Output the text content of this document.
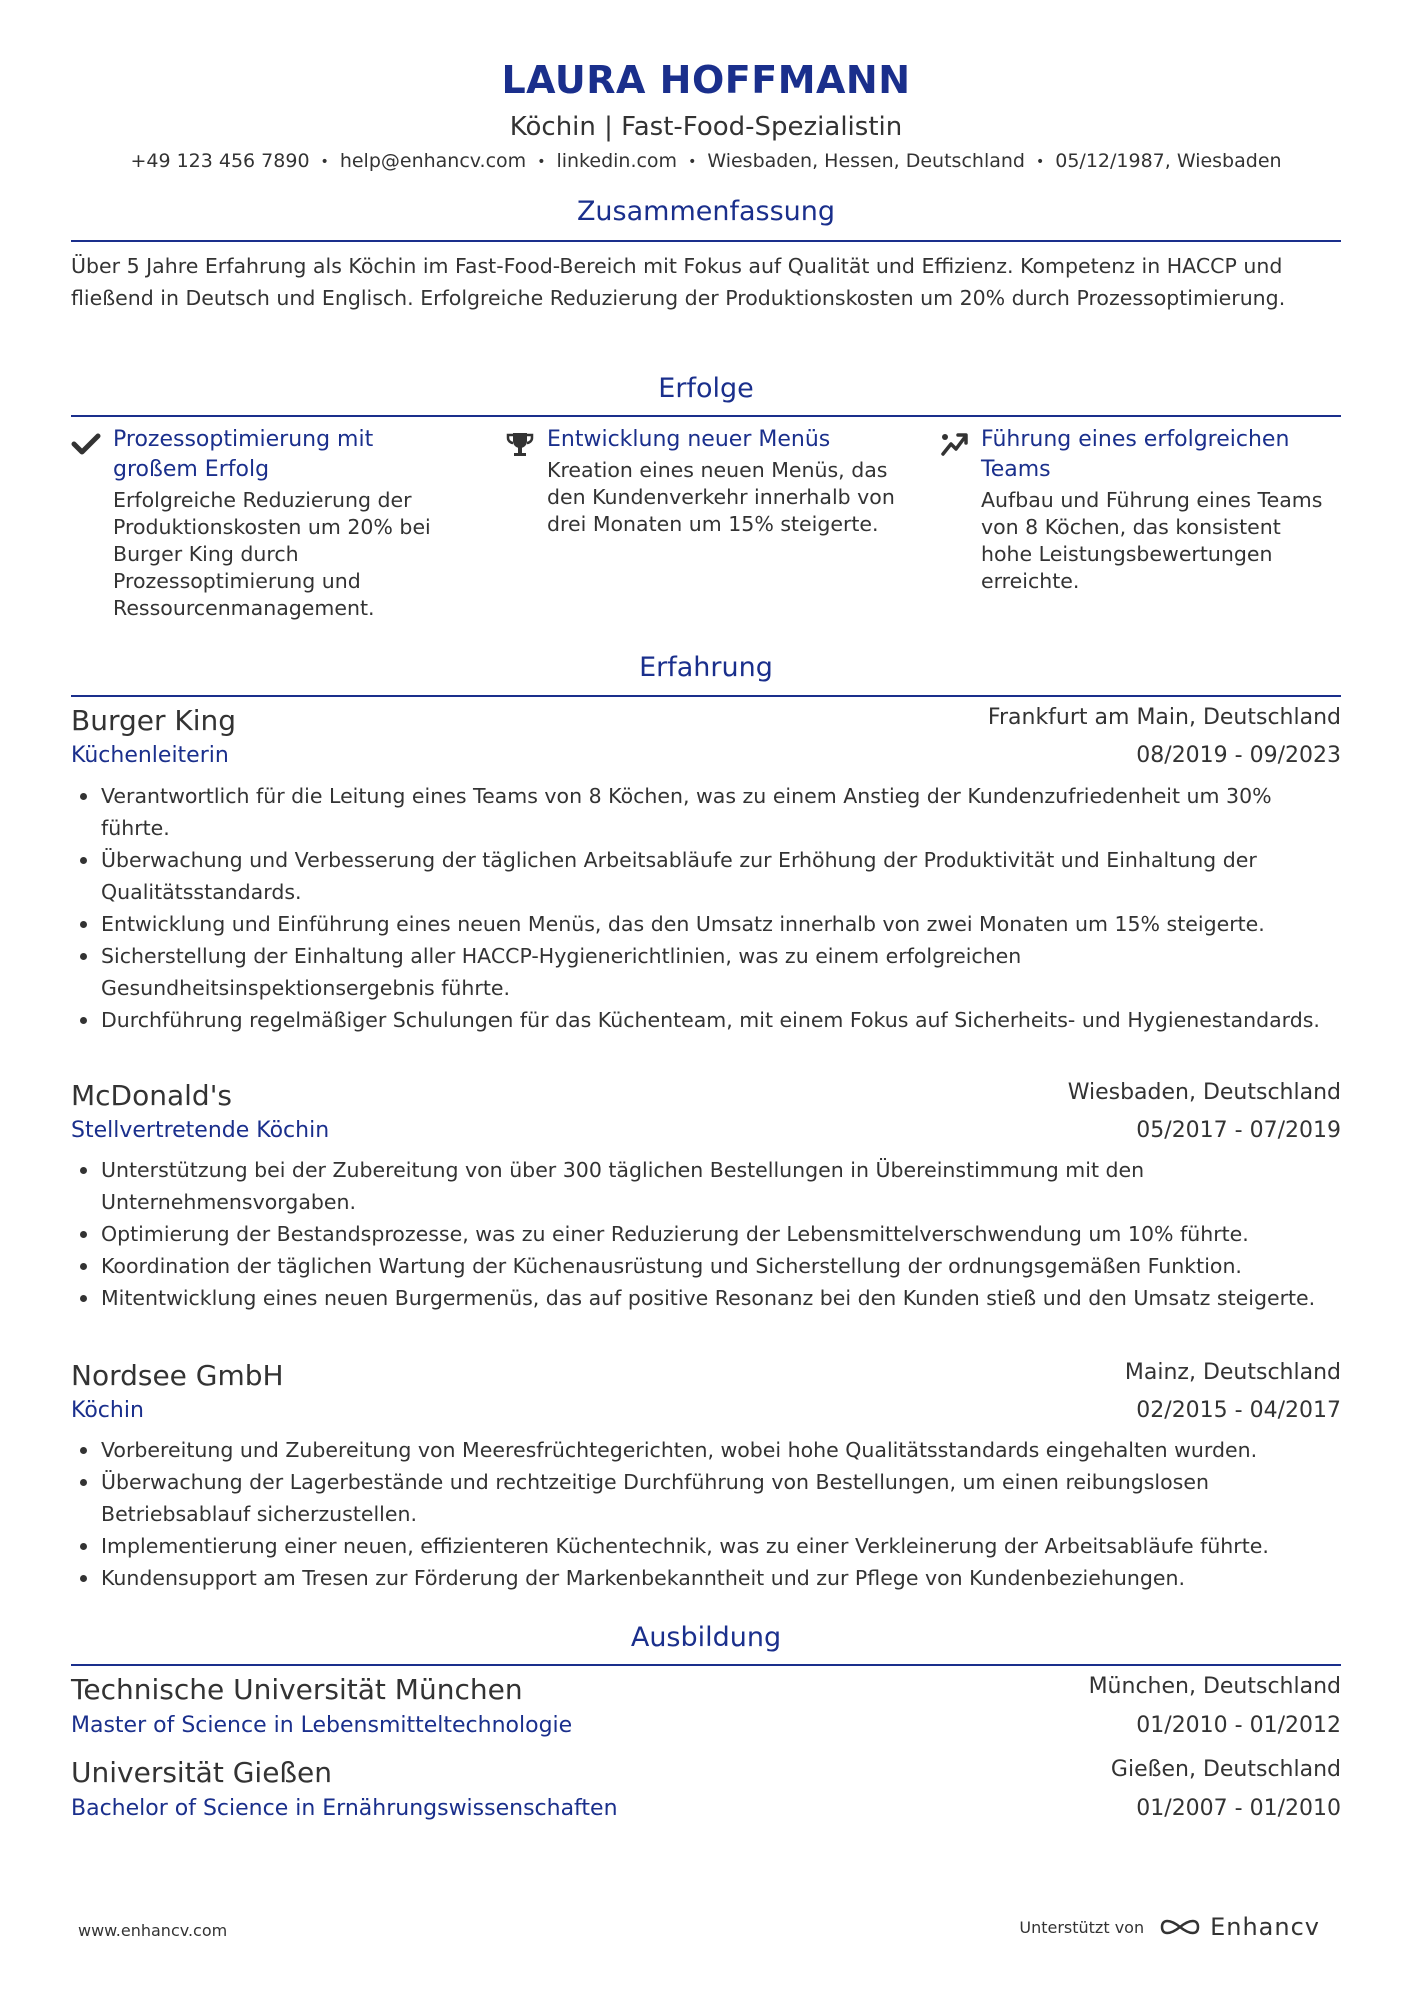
LAURA HOFFMANN
Köchin | Fast-Food-Spezialistin
+49 123 456 7890 • help@enhancv.com • linkedin.com • Wiesbaden, Hessen, Deutschland • 05/12/1987, Wiesbaden
Zusammenfassung
Über 5 Jahre Erfahrung als Köchin im Fast-Food-Bereich mit Fokus auf Qualität und Effizienz. Kompetenz in HACCP und fließend in Deutsch und Englisch. Erfolgreiche Reduzierung der Produktionskosten um 20% durch Prozessoptimierung.
Erfolge
Prozessoptimierung mit großem Erfolg
Erfolgreiche Reduzierung der Produktionskosten um 20% bei Burger King durch Prozessoptimierung und Ressourcenmanagement.
Entwicklung neuer Menüs
Kreation eines neuen Menüs, das den Kundenverkehr innerhalb von drei Monaten um 15% steigerte.
Führung eines erfolgreichen Teams
Aufbau und Führung eines Teams von 8 Köchen, das konsistent hohe Leistungsbewertungen erreichte.
Erfahrung
Burger King	Frankfurt am Main, Deutschland
Küchenleiterin	08/2019 - 09/2023
Verantwortlich für die Leitung eines Teams von 8 Köchen, was zu einem Anstieg der Kundenzufriedenheit um 30% führte.
Überwachung und Verbesserung der täglichen Arbeitsabläufe zur Erhöhung der Produktivität und Einhaltung der Qualitätsstandards.
Entwicklung und Einführung eines neuen Menüs, das den Umsatz innerhalb von zwei Monaten um 15% steigerte.
Sicherstellung der Einhaltung aller HACCP-Hygienerichtlinien, was zu einem erfolgreichen Gesundheitsinspektionsergebnis führte.
Durchführung regelmäßiger Schulungen für das Küchenteam, mit einem Fokus auf Sicherheits- und Hygienestandards.
McDonald's	Wiesbaden, Deutschland
Stellvertretende Köchin	05/2017 - 07/2019
Unterstützung bei der Zubereitung von über 300 täglichen Bestellungen in Übereinstimmung mit den Unternehmensvorgaben.
Optimierung der Bestandsprozesse, was zu einer Reduzierung der Lebensmittelverschwendung um 10% führte.
Koordination der täglichen Wartung der Küchenausrüstung und Sicherstellung der ordnungsgemäßen Funktion.
Mitentwicklung eines neuen Burgermenüs, das auf positive Resonanz bei den Kunden stieß und den Umsatz steigerte.
Nordsee GmbH	Mainz, Deutschland
Köchin	02/2015 - 04/2017
Vorbereitung und Zubereitung von Meeresfrüchtegerichten, wobei hohe Qualitätsstandards eingehalten wurden.
Überwachung der Lagerbestände und rechtzeitige Durchführung von Bestellungen, um einen reibungslosen Betriebsablauf sicherzustellen.
Implementierung einer neuen, effizienteren Küchentechnik, was zu einer Verkleinerung der Arbeitsabläufe führte.
Kundensupport am Tresen zur Förderung der Markenbekanntheit und zur Pflege von Kundenbeziehungen.
Ausbildung
Technische Universität München	München, Deutschland
Master of Science in Lebensmitteltechnologie	01/2010 - 01/2012
Universität Gießen	Gießen, Deutschland
Bachelor of Science in Ernährungswissenschaften	01/2007 - 01/2010
www.enhancv.com	Unterstützt von	Enhancv
